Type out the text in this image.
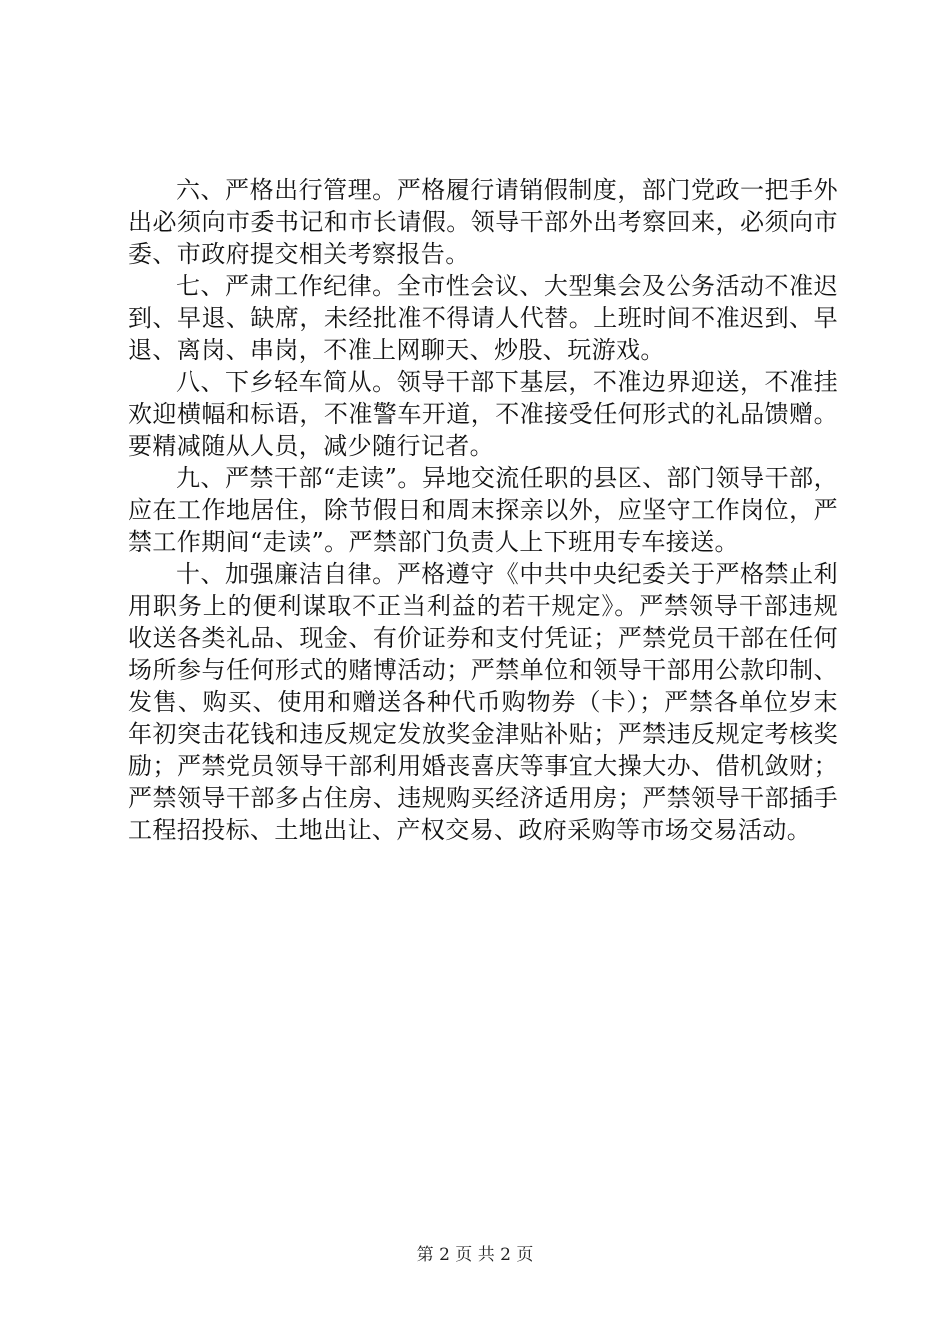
六、严格出行管理。严格履行请销假制度，部门党政一把手外出必须向市委书记和市长请假。领导干部外出考察回来，必须向市委、市政府提交相关考察报告。

七、严肃工作纪律。全市性会议、大型集会及公务活动不准迟到、早退、缺席，未经批准不得请人代替。上班时间不准迟到、早退、离岗、串岗，不准上网聊天、炒股、玩游戏。

八、下乡轻车简从。领导干部下基层，不准边界迎送，不准挂欢迎横幅和标语，不准警车开道，不准接受任何形式的礼品馈赠。要精减随从人员，减少随行记者。

九、严禁干部“走读”。异地交流任职的县区、部门领导干部，应在工作地居住，除节假日和周末探亲以外，应坚守工作岗位，严禁工作期间“走读”。严禁部门负责人上下班用专车接送。

十、加强廉洁自律。严格遵守《中共中央纪委关于严格禁止利用职务上的便利谋取不正当利益的若干规定》。严禁领导干部违规收送各类礼品、现金、有价证券和支付凭证；严禁党员干部在任何场所参与任何形式的赌博活动；严禁单位和领导干部用公款印制、发售、购买、使用和赠送各种代币购物券（卡）；严禁各单位岁末年初突击花钱和违反规定发放奖金津贴补贴；严禁违反规定考核奖励；严禁党员领导干部利用婚丧喜庆等事宜大操大办、借机敛财；严禁领导干部多占住房、违规购买经济适用房；严禁领导干部插手工程招投标、土地出让、产权交易、政府采购等市场交易活动。

第 2 页 共 2 页
